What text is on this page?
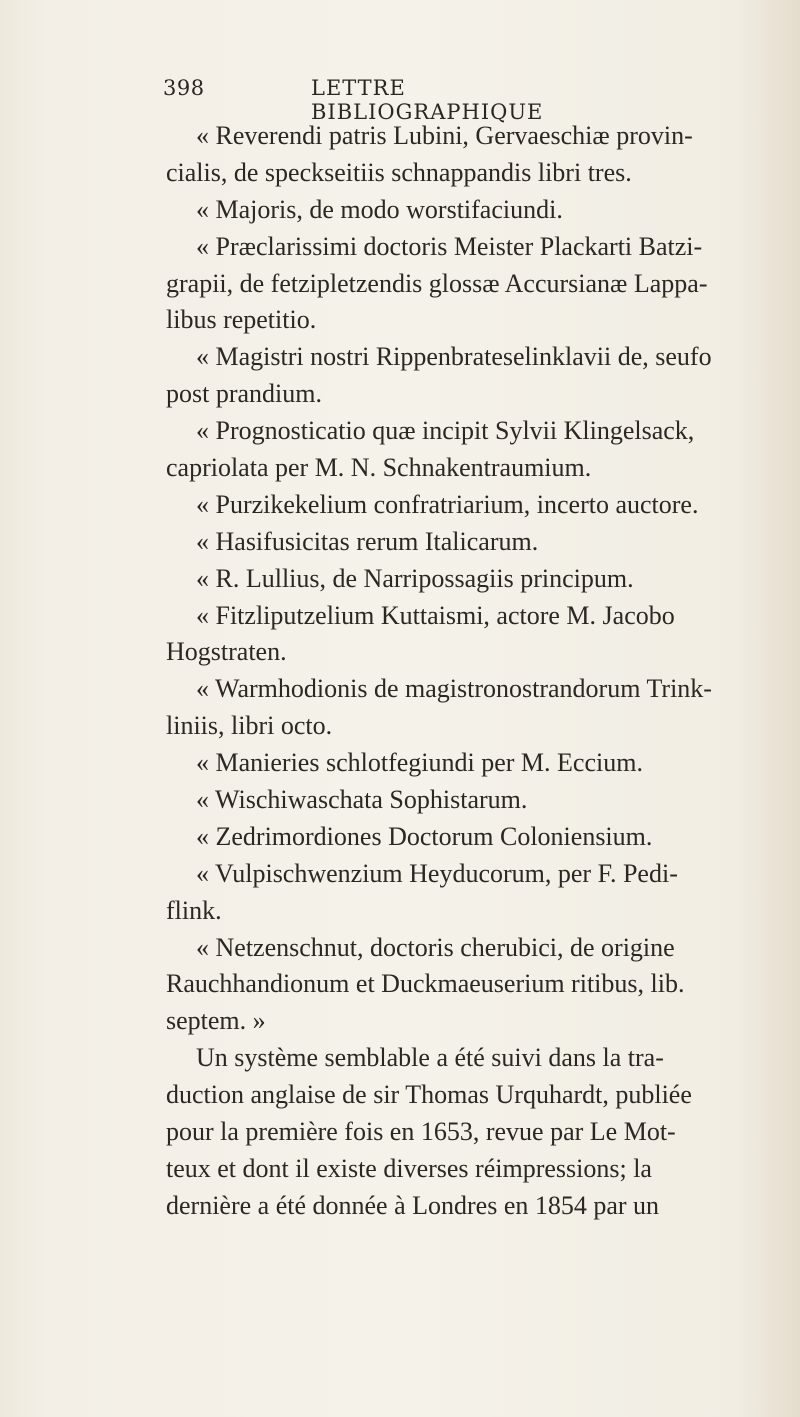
398	LETTRE BIBLIOGRAPHIQUE
« Reverendi patris Lubini, Gervaeschiæ provin-
cialis, de speckseitiis schnappandis libri tres.
« Majoris, de modo worstifaciundi.
« Præclarissimi doctoris Meister Plackarti Batzi-
grapii, de fetzipletzendis glossæ Accursianæ Lappa-
libus repetitio.
« Magistri nostri Rippenbrateselinklavii de, seufo
post prandium.
« Prognosticatio quæ incipit Sylvii Klingelsack,
capriolata per M. N. Schnakentraumium.
« Purzikekelium confratriarium, incerto auctore.
« Hasifusicitas rerum Italicarum.
« R. Lullius, de Narripossagiis principum.
« Fitzliputzelium Kuttaismi, actore M. Jacobo
Hogstraten.
« Warmhodionis de magistronostrandorum Trink-
liniis, libri octo.
« Manieries schlotfegiundi per M. Eccium.
« Wischiwaschata Sophistarum.
« Zedrimordiones Doctorum Coloniensium.
« Vulpischwenzium Heyducorum, per F. Pedi-
flink.
« Netzenschnut, doctoris cherubici, de origine
Rauchhandionum et Duckmaeuserium ritibus, lib.
septem. »
Un système semblable a été suivi dans la tra-
duction anglaise de sir Thomas Urquhardt, publiée
pour la première fois en 1653, revue par Le Mot-
teux et dont il existe diverses réimpressions; la
dernière a été donnée à Londres en 1854 par un
